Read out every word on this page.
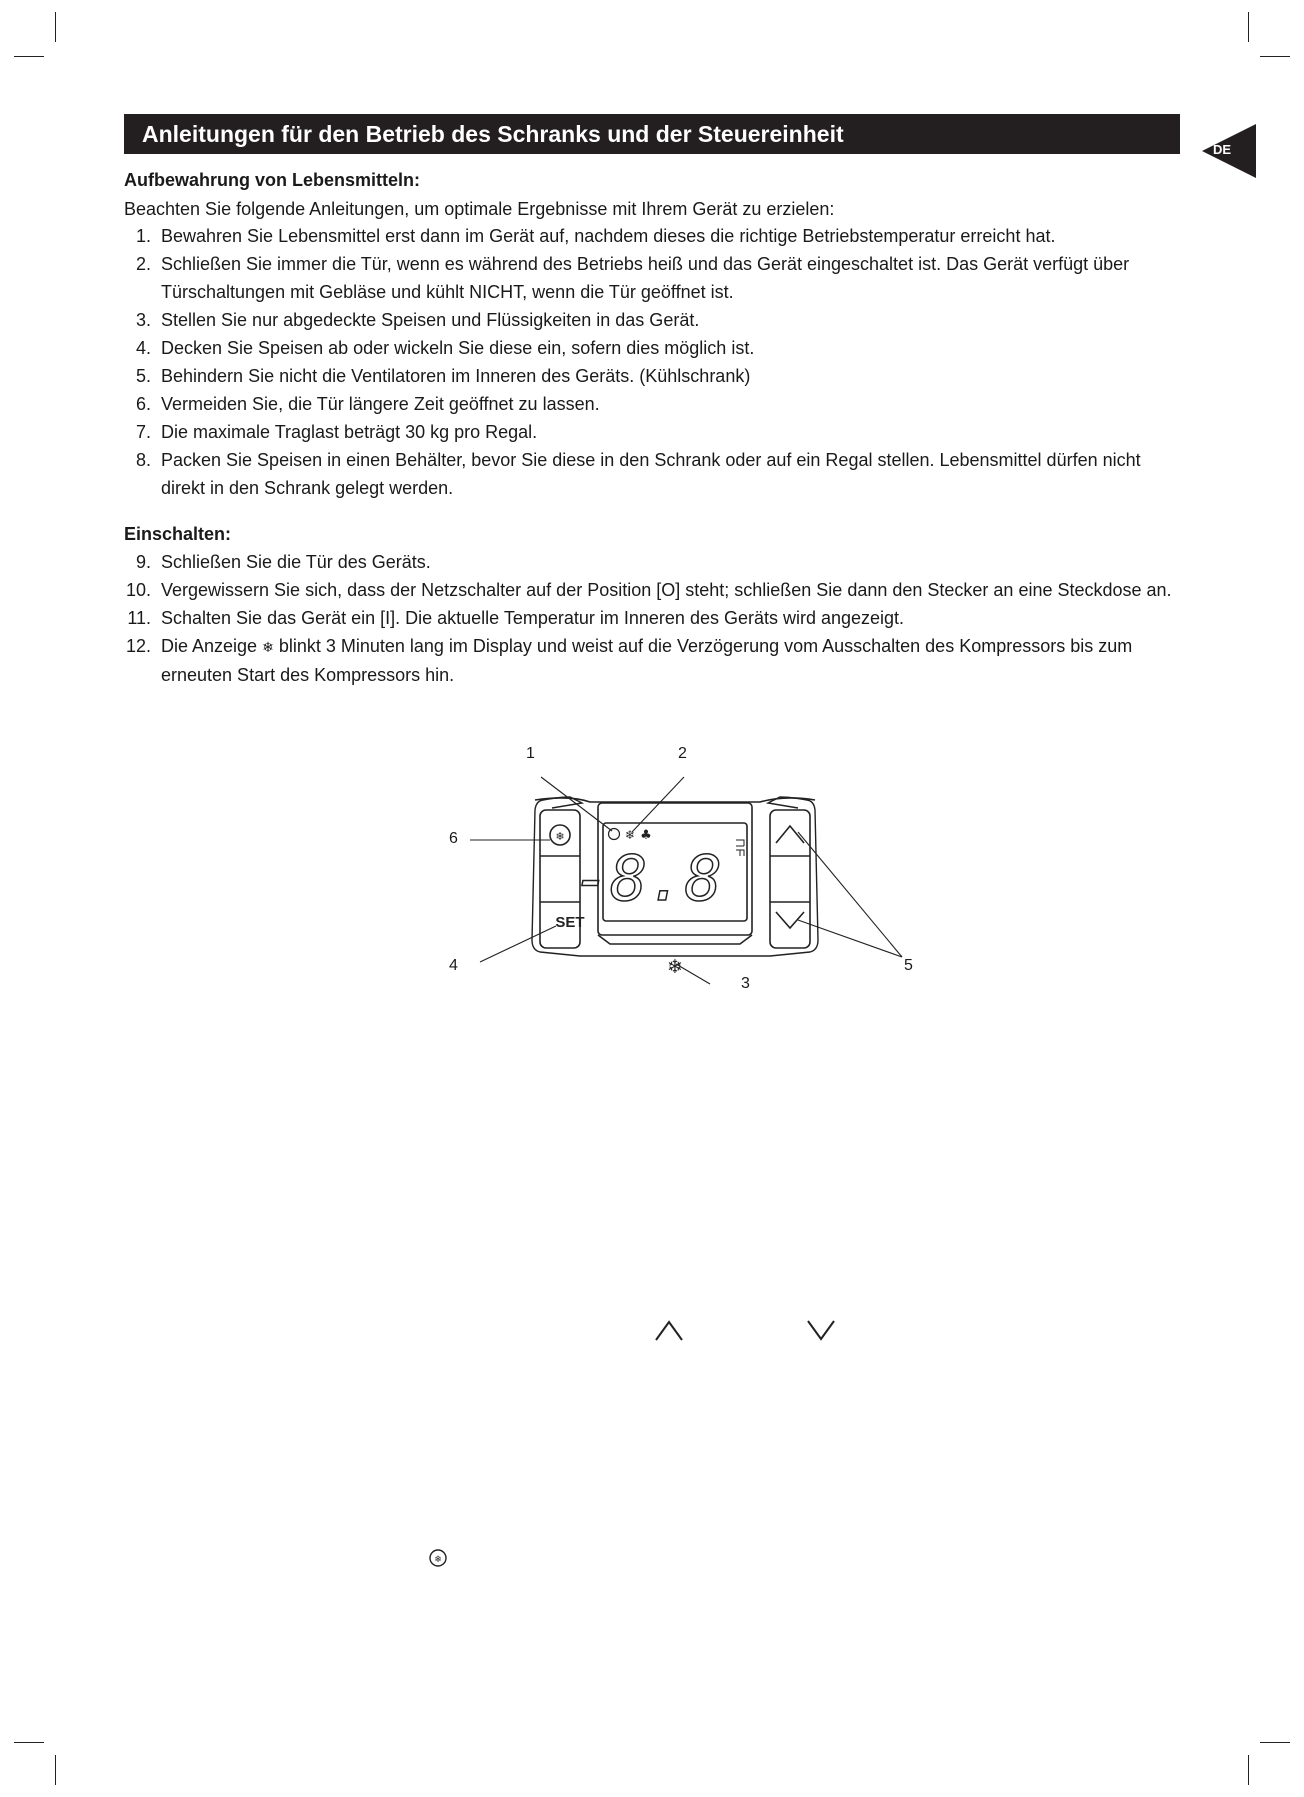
Anleitungen für den Betrieb des Schranks und der Steuereinheit
DE
Aufbewahrung von Lebensmitteln:
Beachten Sie folgende Anleitungen, um optimale Ergebnisse mit Ihrem Gerät zu erzielen:
1. Bewahren Sie Lebensmittel erst dann im Gerät auf, nachdem dieses die richtige Betriebstemperatur erreicht hat.
2. Schließen Sie immer die Tür, wenn es während des Betriebs heiß und das Gerät eingeschaltet ist. Das Gerät verfügt über Türschaltungen mit Gebläse und kühlt NICHT, wenn die Tür geöffnet ist.
3. Stellen Sie nur abgedeckte Speisen und Flüssigkeiten in das Gerät.
4. Decken Sie Speisen ab oder wickeln Sie diese ein, sofern dies möglich ist.
5. Behindern Sie nicht die Ventilatoren im Inneren des Geräts. (Kühlschrank)
6. Vermeiden Sie, die Tür längere Zeit geöffnet zu lassen.
7. Die maximale Traglast beträgt 30 kg pro Regal.
8. Packen Sie Speisen in einen Behälter, bevor Sie diese in den Schrank oder auf ein Regal stellen. Lebensmittel dürfen nicht direkt in den Schrank gelegt werden.
Einschalten:
9. Schließen Sie die Tür des Geräts.
10. Vergewissern Sie sich, dass der Netzschalter auf der Position [O] steht; schließen Sie dann den Stecker an eine Steckdose an.
11. Schalten Sie das Gerät ein [I]. Die aktuelle Temperatur im Inneren des Geräts wird angezeigt.
12. Die Anzeige ❄ blinkt 3 Minuten lang im Display und weist auf die Verzögerung vom Ausschalten des Kompressors bis zum erneuten Start des Kompressors hin.
1	2
3
4	5
6	❄
SET
❄ ♣
-8.8
❄
❄
